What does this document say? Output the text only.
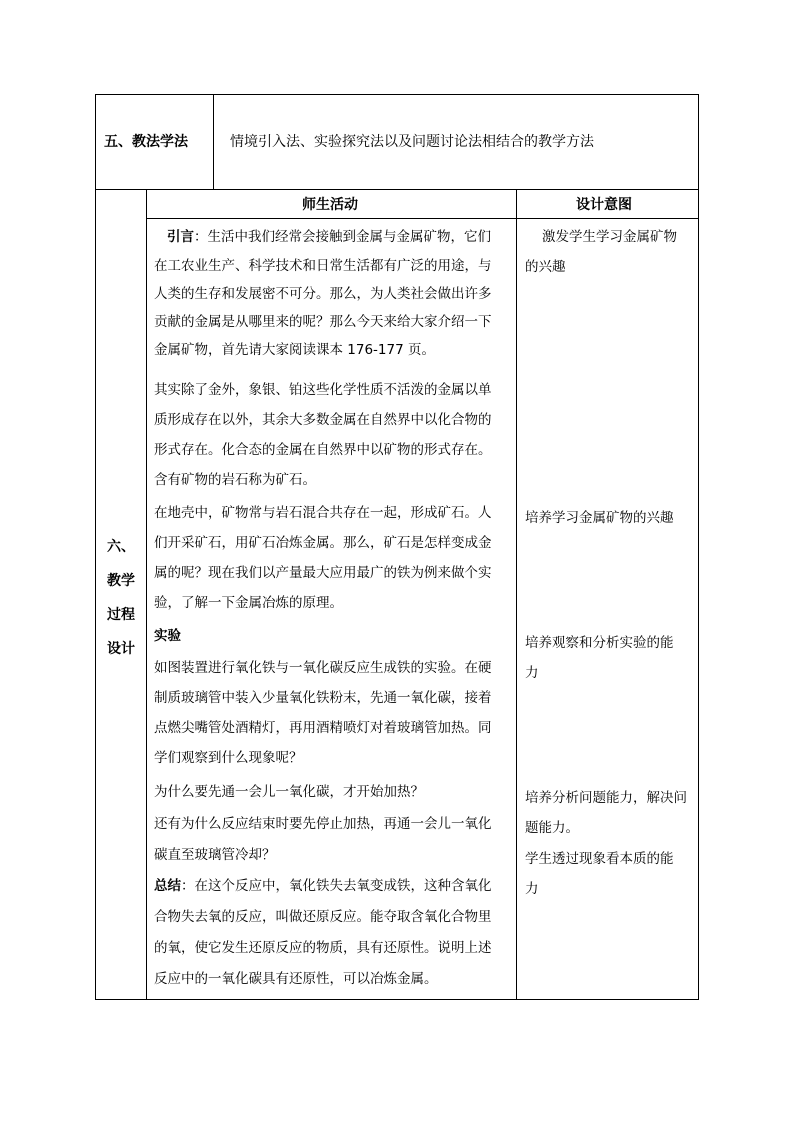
五、教法学法	情境引入法、实验探究法以及问题讨论法相结合的教学方法
师生活动	设计意图
六、
教学
过程
设计
引言：生活中我们经常会接触到金属与金属矿物，它们
在工农业生产、科学技术和日常生活都有广泛的用途，与
人类的生存和发展密不可分。那么，为人类社会做出许多
贡献的金属是从哪里来的呢？那么今天来给大家介绍一下
金属矿物，首先请大家阅读课本 176-177 页。
其实除了金外，象银、铂这些化学性质不活泼的金属以单
质形成存在以外，其余大多数金属在自然界中以化合物的
形式存在。化合态的金属在自然界中以矿物的形式存在。
含有矿物的岩石称为矿石。
在地壳中，矿物常与岩石混合共存在一起，形成矿石。人
们开采矿石，用矿石冶炼金属。那么，矿石是怎样变成金
属的呢？现在我们以产量最大应用最广的铁为例来做个实
验，了解一下金属冶炼的原理。
实验
如图装置进行氧化铁与一氧化碳反应生成铁的实验。在硬
制质玻璃管中装入少量氧化铁粉末，先通一氧化碳，接着
点燃尖嘴管处酒精灯，再用酒精喷灯对着玻璃管加热。同
学们观察到什么现象呢？
为什么要先通一会儿一氧化碳，才开始加热？
还有为什么反应结束时要先停止加热，再通一会儿一氧化
碳直至玻璃管冷却？
总结：在这个反应中，氧化铁失去氧变成铁，这种含氧化
合物失去氧的反应，叫做还原反应。能夺取含氧化合物里
的氧，使它发生还原反应的物质，具有还原性。说明上述
反应中的一氧化碳具有还原性，可以冶炼金属。
激发学生学习金属矿物
的兴趣
培养学习金属矿物的兴趣
培养观察和分析实验的能
力
培养分析问题能力，解决问
题能力。
学生透过现象看本质的能
力
